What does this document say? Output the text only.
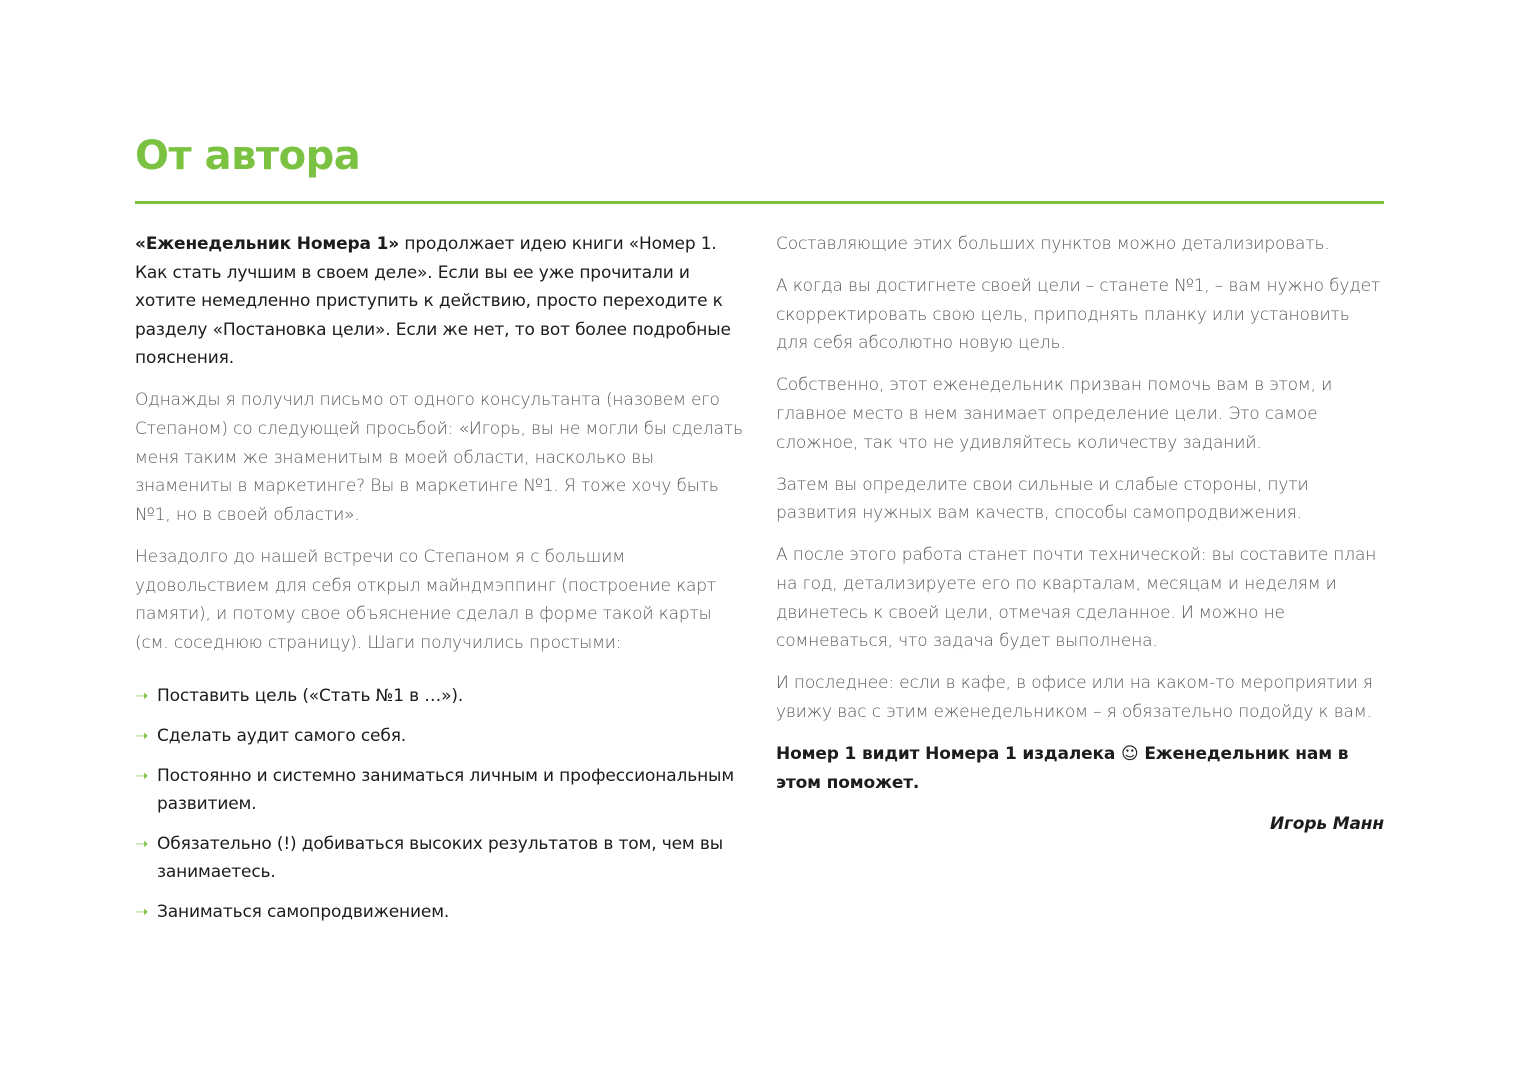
От автора

«Еженедельник Номера 1» продолжает идею книги «Номер 1. Как стать лучшим в своем деле». Если вы ее уже прочитали и хотите немедленно приступить к действию, просто переходите к разделу «Постановка цели». Если же нет, то вот более подробные пояснения.

Однажды я получил письмо от одного консультанта (назовем его Степаном) со следующей просьбой: «Игорь, вы не могли бы сделать меня таким же знаменитым в моей области, насколько вы знамениты в маркетинге? Вы в маркетинге №1. Я тоже хочу быть №1, но в своей области».

Незадолго до нашей встречи со Степаном я с большим удовольствием для себя открыл майндмэппинг (построение карт памяти), и потому свое объяснение сделал в форме такой карты (см. соседнюю страницу). Шаги получились простыми:

➝ Поставить цель («Стать №1 в …»).
➝ Сделать аудит самого себя.
➝ Постоянно и системно заниматься личным и профессиональным развитием.
➝ Обязательно (!) добиваться высоких результатов в том, чем вы занимаетесь.
➝ Заниматься самопродвижением.

Составляющие этих больших пунктов можно детализировать.

А когда вы достигнете своей цели – станете №1, – вам нужно будет скорректировать свою цель, приподнять планку или установить для себя абсолютно новую цель.

Собственно, этот еженедельник призван помочь вам в этом, и главное место в нем занимает определение цели. Это самое сложное, так что не удивляйтесь количеству заданий.

Затем вы определите свои сильные и слабые стороны, пути развития нужных вам качеств, способы самопродвижения.

А после этого работа станет почти технической: вы составите план на год, детализируете его по кварталам, месяцам и неделям и двинетесь к своей цели, отмечая сделанное. И можно не сомневаться, что задача будет выполнена.

И последнее: если в кафе, в офисе или на каком-то мероприятии я увижу вас с этим еженедельником – я обязательно подойду к вам.

Номер 1 видит Номера 1 издалека ☺ Еженедельник нам в этом поможет.

Игорь Манн
